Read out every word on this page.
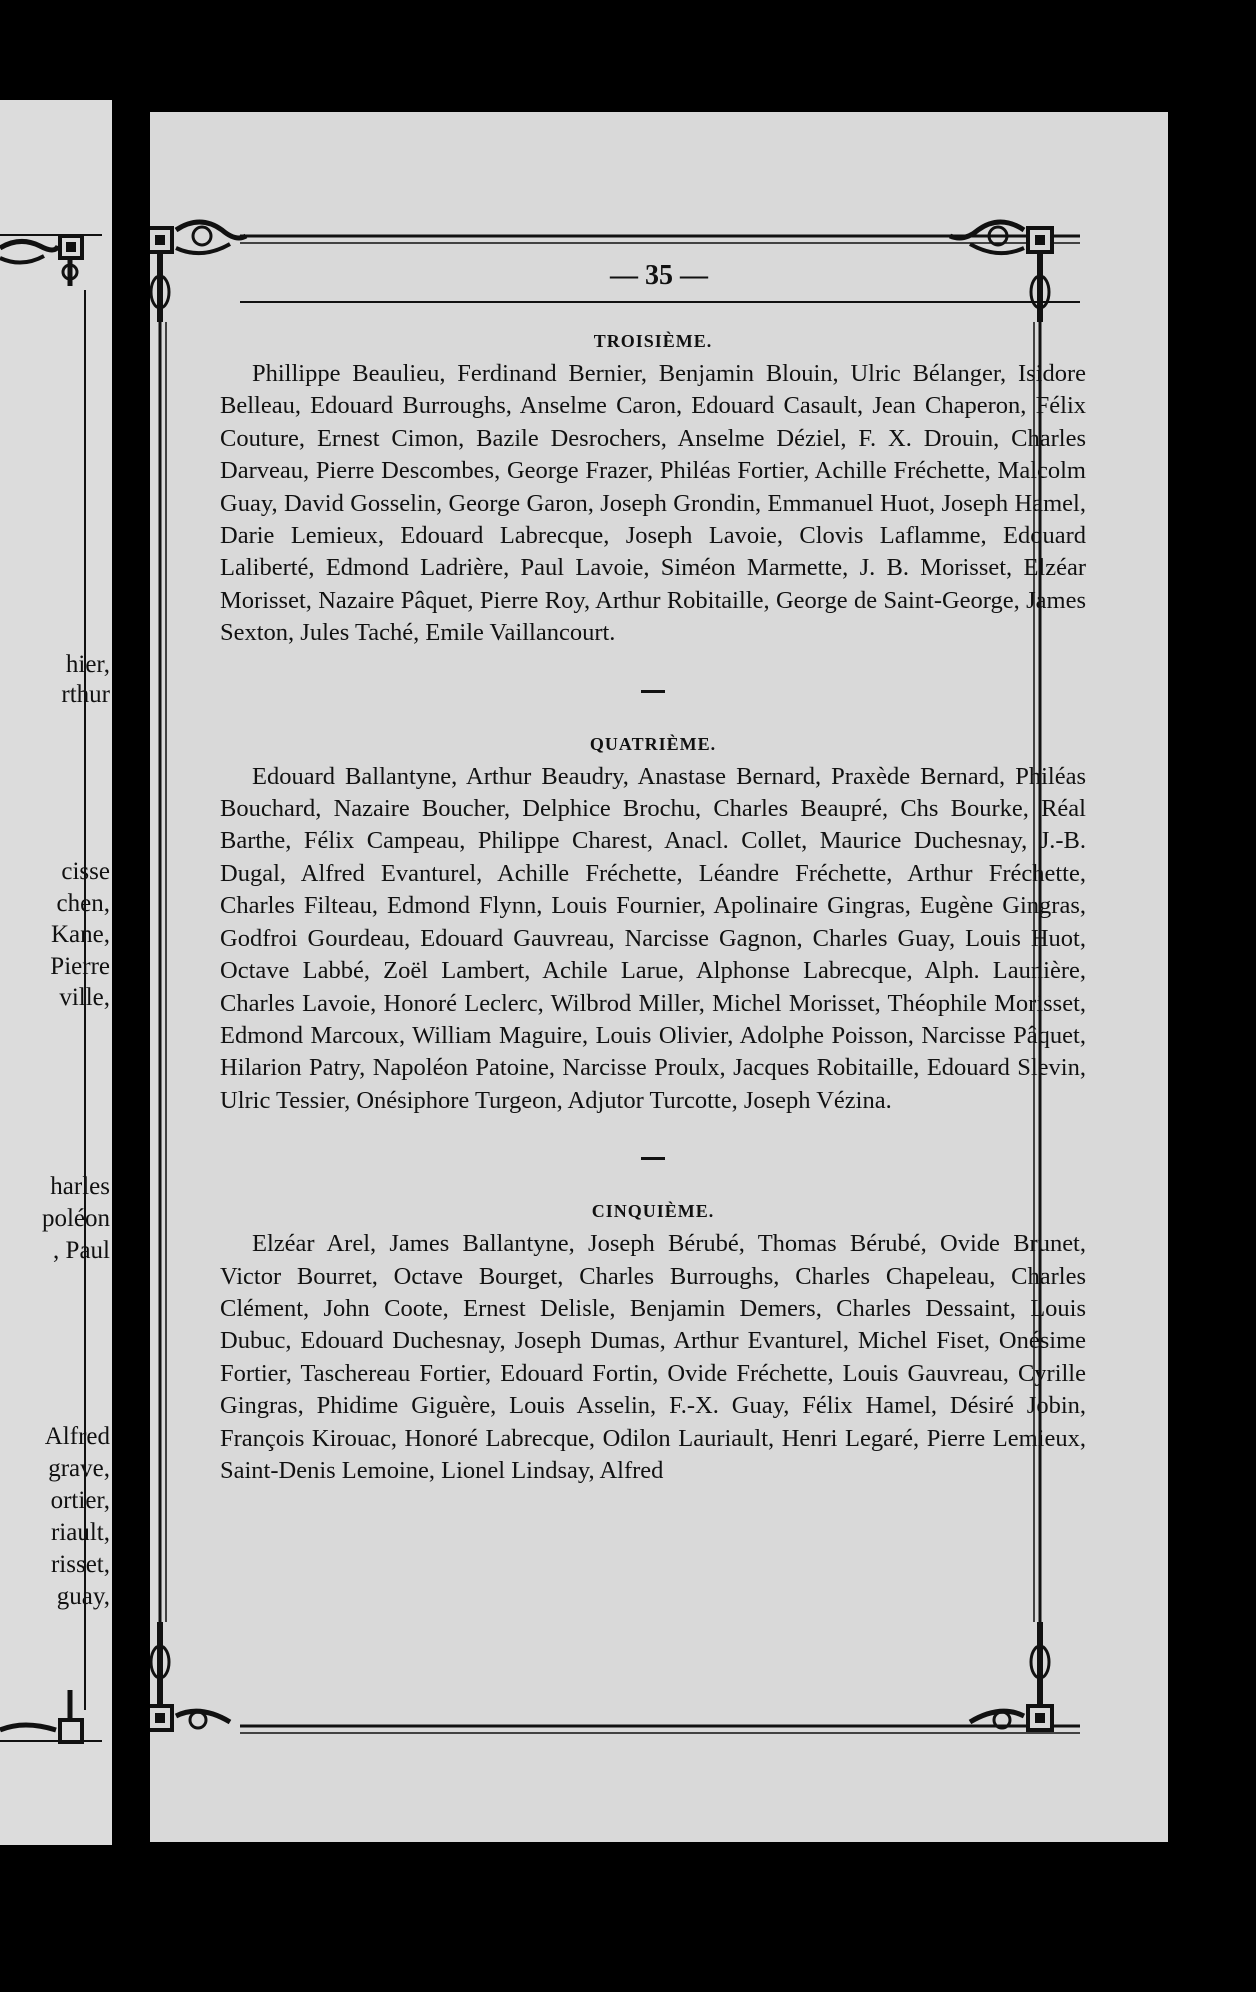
hier,
rthur
cisse
chen,
Kane,
Pierre
ville,
harles
poléon
, Paul
Alfred
grave,
ortier,
riault,
risset,
guay,
— 35 —
TROISIÈME.

Phillippe Beaulieu, Ferdinand Bernier, Benjamin Blouin, Ulric Bélanger, Isidore Belleau, Edouard Burroughs, Anselme Caron, Edouard Casault, Jean Chaperon, Félix Couture, Ernest Cimon, Bazile Desrochers, Anselme Déziel, F. X. Drouin, Charles Darveau, Pierre Descombes, George Frazer, Philéas Fortier, Achille Fréchette, Malcolm Guay, David Gosselin, George Garon, Joseph Grondin, Emmanuel Huot, Joseph Hamel, Darie Lemieux, Edouard Labrecque, Joseph Lavoie, Clovis Laflamme, Edouard Laliberté, Edmond Ladrière, Paul Lavoie, Siméon Marmette, J. B. Morisset, Elzéar Morisset, Nazaire Pâquet, Pierre Roy, Arthur Robitaille, George de Saint-George, James Sexton, Jules Taché, Emile Vaillancourt.

QUATRIÈME.

Edouard Ballantyne, Arthur Beaudry, Anastase Bernard, Praxède Bernard, Philéas Bouchard, Nazaire Boucher, Delphice Brochu, Charles Beaupré, Chs Bourke, Réal Barthe, Félix Campeau, Philippe Charest, Anacl. Collet, Maurice Duchesnay, J.-B. Dugal, Alfred Evanturel, Achille Fréchette, Léandre Fréchette, Arthur Fréchette, Charles Filteau, Edmond Flynn, Louis Fournier, Apolinaire Gingras, Eugène Gingras, Godfroi Gourdeau, Edouard Gauvreau, Narcisse Gagnon, Charles Guay, Louis Huot, Octave Labbé, Zoël Lambert, Achile Larue, Alphonse Labrecque, Alph. Launière, Charles Lavoie, Honoré Leclerc, Wilbrod Miller, Michel Morisset, Théophile Morisset, Edmond Marcoux, William Maguire, Louis Olivier, Adolphe Poisson, Narcisse Pâquet, Hilarion Patry, Napoléon Patoine, Narcisse Proulx, Jacques Robitaille, Edouard Slevin, Ulric Tessier, Onésiphore Turgeon, Adjutor Turcotte, Joseph Vézina.

CINQUIÈME.

Elzéar Arel, James Ballantyne, Joseph Bérubé, Thomas Bérubé, Ovide Brunet, Victor Bourret, Octave Bourget, Charles Burroughs, Charles Chapeleau, Charles Clément, John Coote, Ernest Delisle, Benjamin Demers, Charles Dessaint, Louis Dubuc, Edouard Duchesnay, Joseph Dumas, Arthur Evanturel, Michel Fiset, Onésime Fortier, Taschereau Fortier, Edouard Fortin, Ovide Fréchette, Louis Gauvreau, Cyrille Gingras, Phidime Giguère, Louis Asselin, F.-X. Guay, Félix Hamel, Désiré Jobin, François Kirouac, Honoré Labrecque, Odilon Lauriault, Henri Legaré, Pierre Lemieux, Saint-Denis Lemoine, Lionel Lindsay, Alfred
